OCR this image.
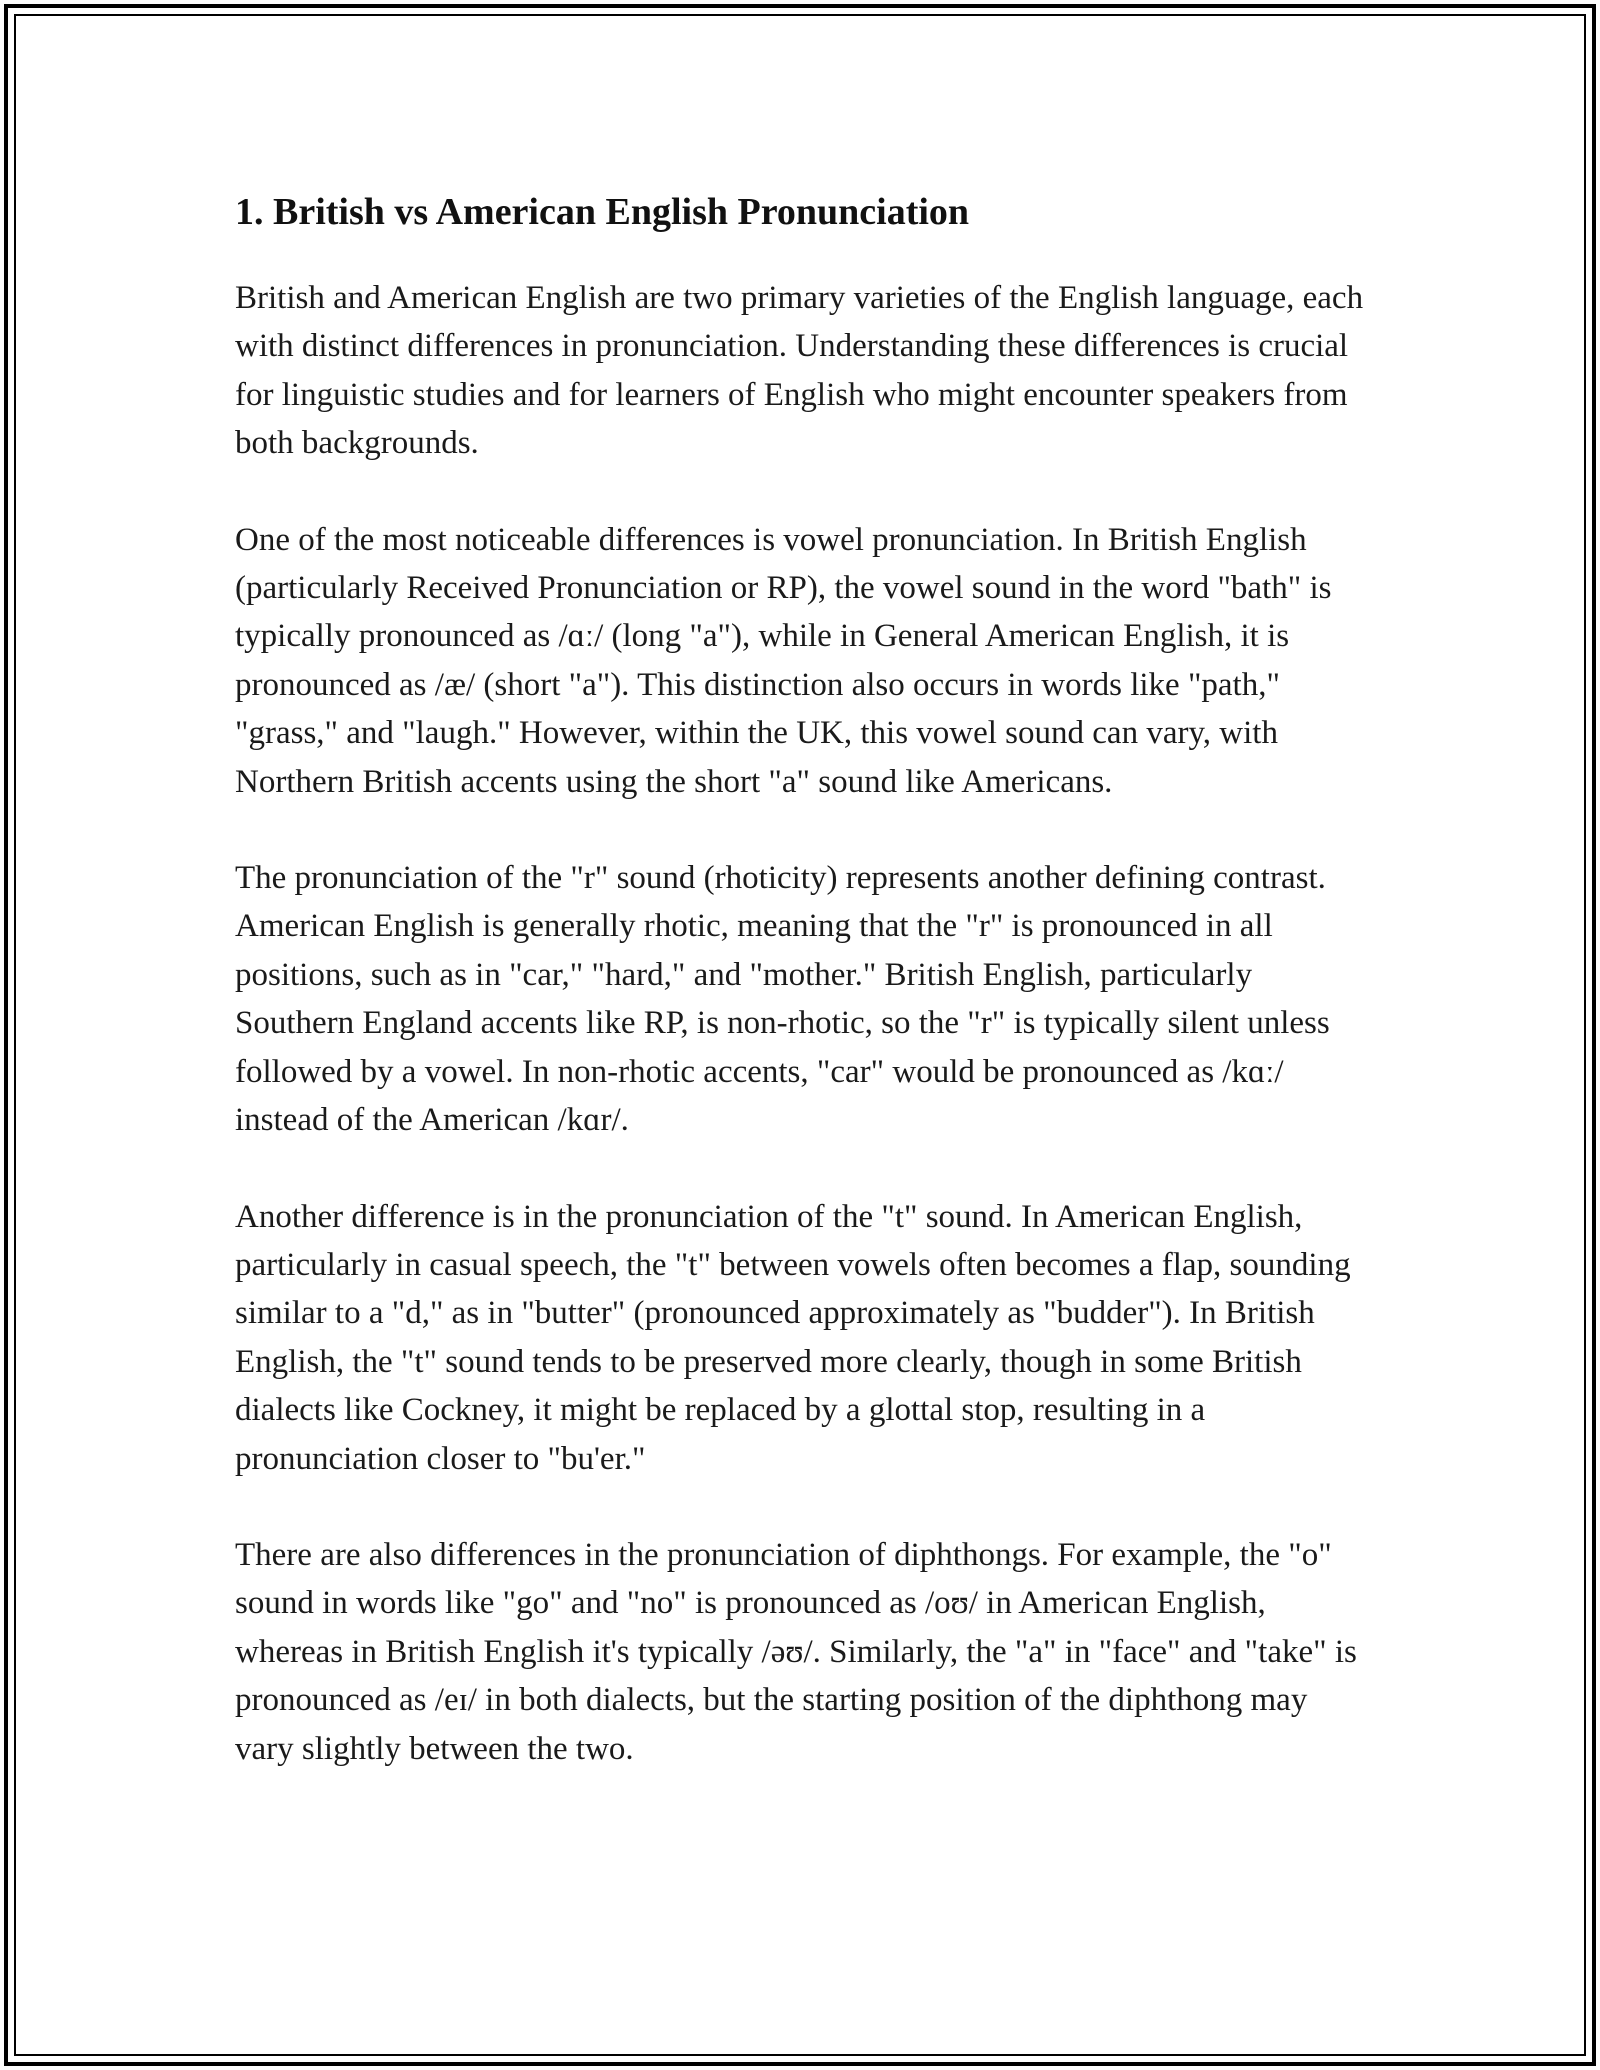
1. British vs American English Pronunciation

British and American English are two primary varieties of the English language, each with distinct differences in pronunciation. Understanding these differences is crucial for linguistic studies and for learners of English who might encounter speakers from both backgrounds.

One of the most noticeable differences is vowel pronunciation. In British English (particularly Received Pronunciation or RP), the vowel sound in the word "bath" is typically pronounced as /ɑː/ (long "a"), while in General American English, it is pronounced as /æ/ (short "a"). This distinction also occurs in words like "path," "grass," and "laugh." However, within the UK, this vowel sound can vary, with Northern British accents using the short "a" sound like Americans.

The pronunciation of the "r" sound (rhoticity) represents another defining contrast. American English is generally rhotic, meaning that the "r" is pronounced in all positions, such as in "car," "hard," and "mother." British English, particularly Southern England accents like RP, is non-rhotic, so the "r" is typically silent unless followed by a vowel. In non-rhotic accents, "car" would be pronounced as /kɑː/ instead of the American /kɑr/.

Another difference is in the pronunciation of the "t" sound. In American English, particularly in casual speech, the "t" between vowels often becomes a flap, sounding similar to a "d," as in "butter" (pronounced approximately as "budder"). In British English, the "t" sound tends to be preserved more clearly, though in some British dialects like Cockney, it might be replaced by a glottal stop, resulting in a pronunciation closer to "bu'er."

There are also differences in the pronunciation of diphthongs. For example, the "o" sound in words like "go" and "no" is pronounced as /oʊ/ in American English, whereas in British English it's typically /əʊ/. Similarly, the "a" in "face" and "take" is pronounced as /eɪ/ in both dialects, but the starting position of the diphthong may vary slightly between the two.
